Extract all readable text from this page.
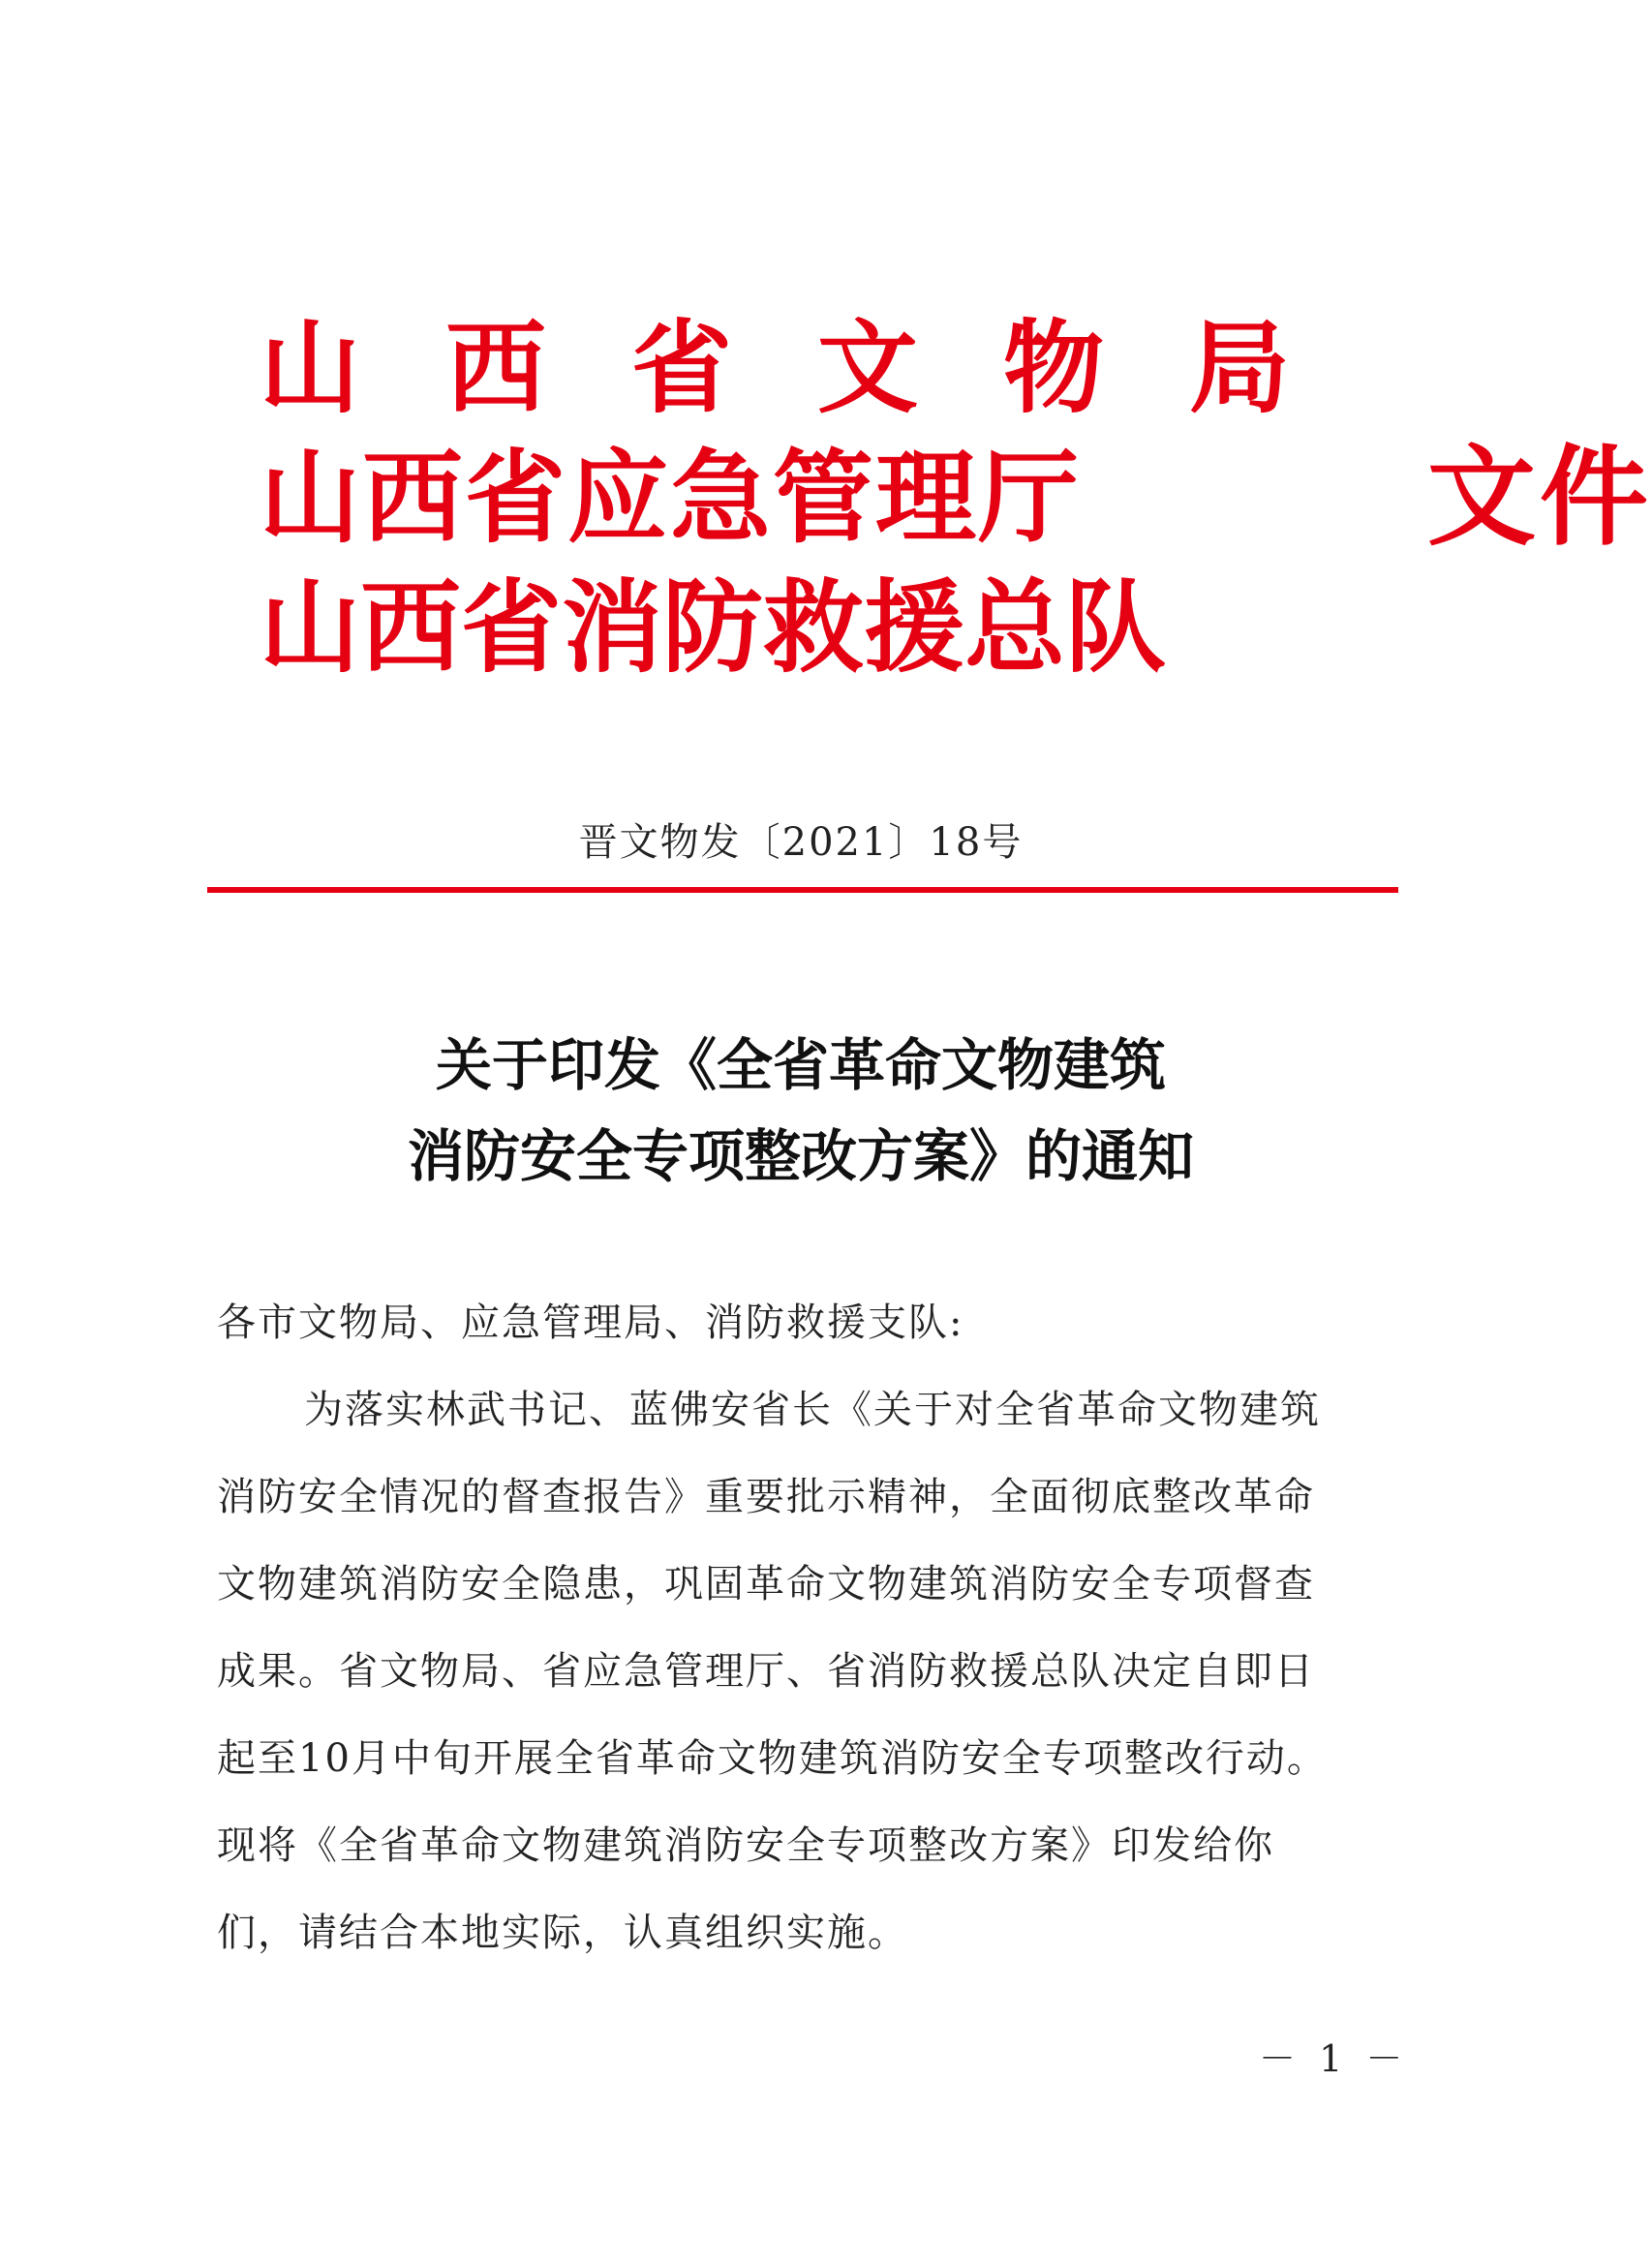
山西省文物局
山西省应急管理厅	文件
山西省消防救援总队
晋文物发〔2021〕18号
关于印发《全省革命文物建筑
消防安全专项整改方案》的通知
各市文物局、应急管理局、消防救援支队:
为落实林武书记、蓝佛安省长《关于对全省革命文物建筑
消防安全情况的督查报告》重要批示精神，全面彻底整改革命
文物建筑消防安全隐患，巩固革命文物建筑消防安全专项督查
成果。省文物局、省应急管理厅、省消防救援总队决定自即日
起至10月中旬开展全省革命文物建筑消防安全专项整改行动。
现将《全省革命文物建筑消防安全专项整改方案》印发给你
们，请结合本地实际，认真组织实施。
－ 1 －
